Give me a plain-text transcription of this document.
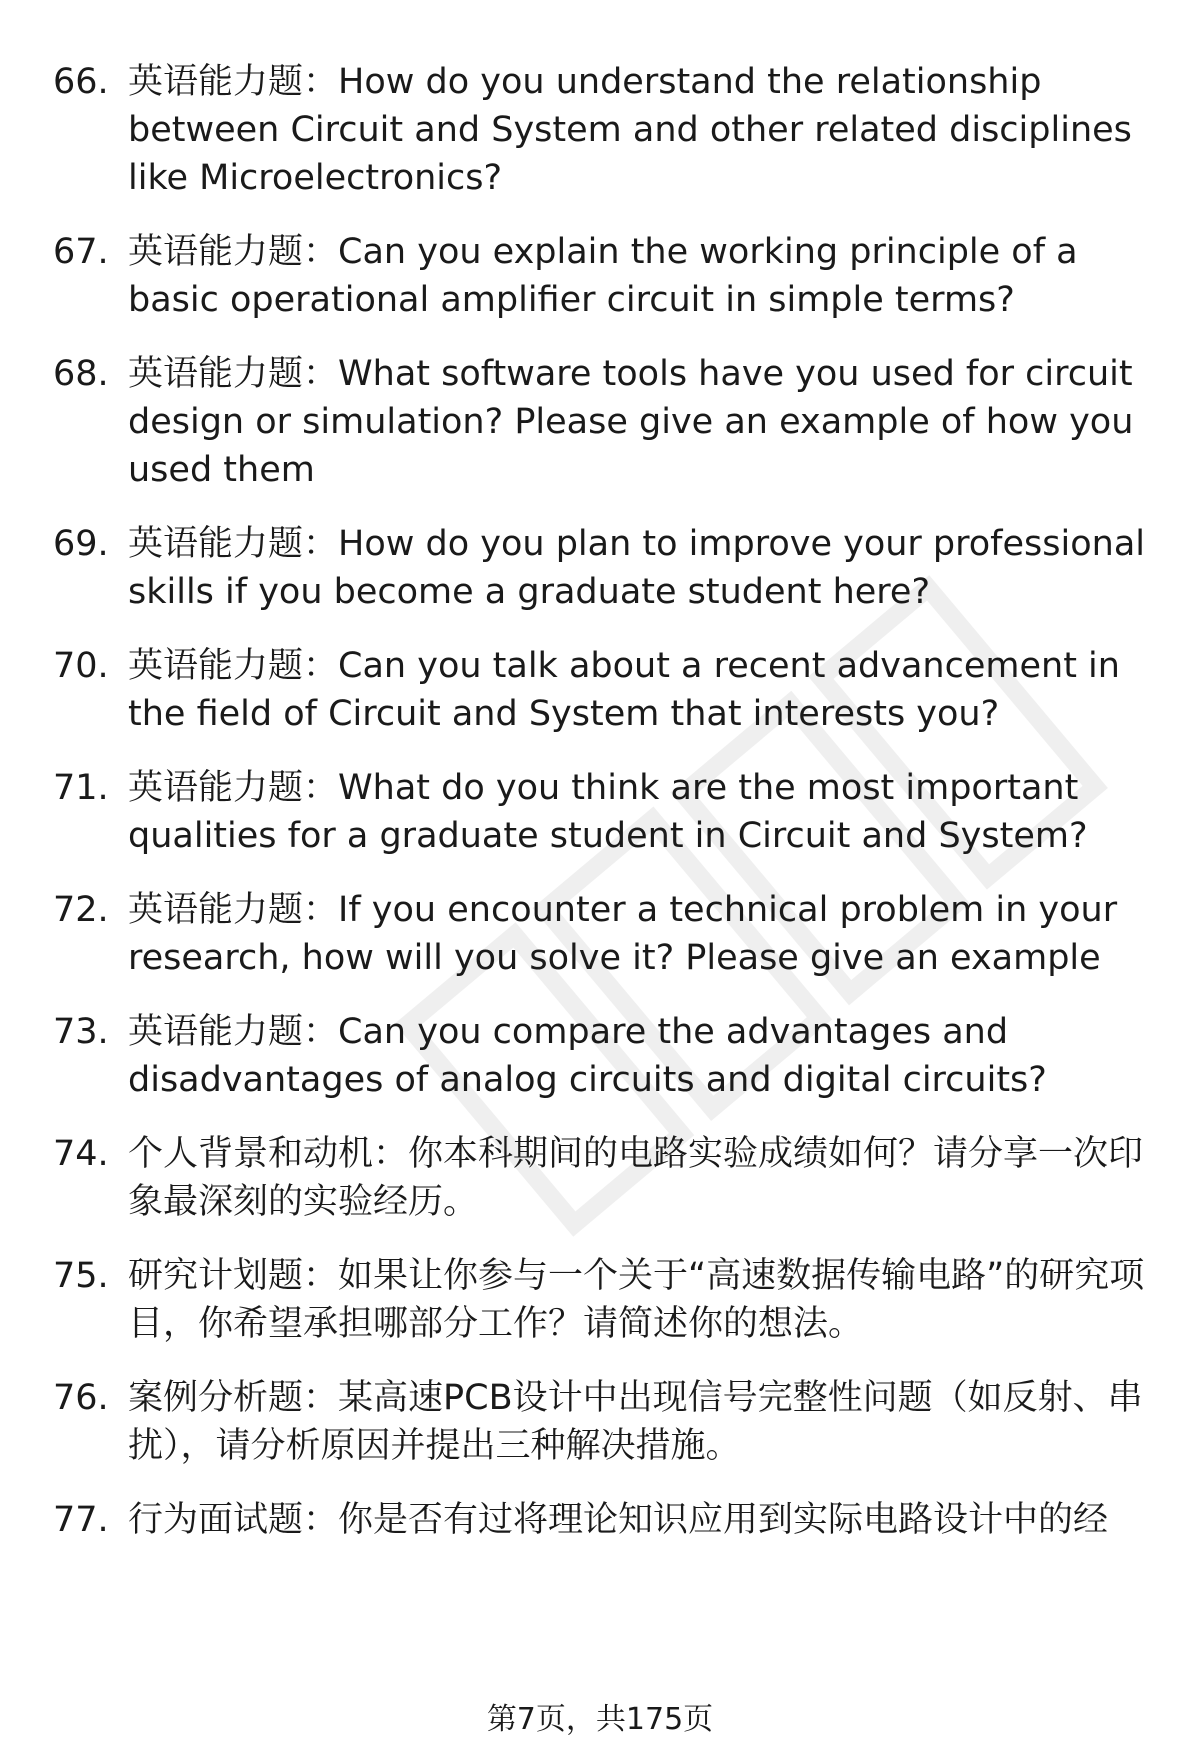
66. 英语能力题：How do you understand the relationship between Circuit and System and other related disciplines like Microelectronics?
67. 英语能力题：Can you explain the working principle of a basic operational amplifier circuit in simple terms?
68. 英语能力题：What software tools have you used for circuit design or simulation? Please give an example of how you used them
69. 英语能力题：How do you plan to improve your professional skills if you become a graduate student here?
70. 英语能力题：Can you talk about a recent advancement in the field of Circuit and System that interests you?
71. 英语能力题：What do you think are the most important qualities for a graduate student in Circuit and System?
72. 英语能力题：If you encounter a technical problem in your research, how will you solve it? Please give an example
73. 英语能力题：Can you compare the advantages and disadvantages of analog circuits and digital circuits?
74. 个人背景和动机：你本科期间的电路实验成绩如何？请分享一次印象最深刻的实验经历。
75. 研究计划题：如果让你参与一个关于“高速数据传输电路”的研究项目，你希望承担哪部分工作？请简述你的想法。
76. 案例分析题：某高速PCB设计中出现信号完整性问题（如反射、串扰），请分析原因并提出三种解决措施。
77. 行为面试题：你是否有过将理论知识应用到实际电路设计中的经
第7页，共175页
